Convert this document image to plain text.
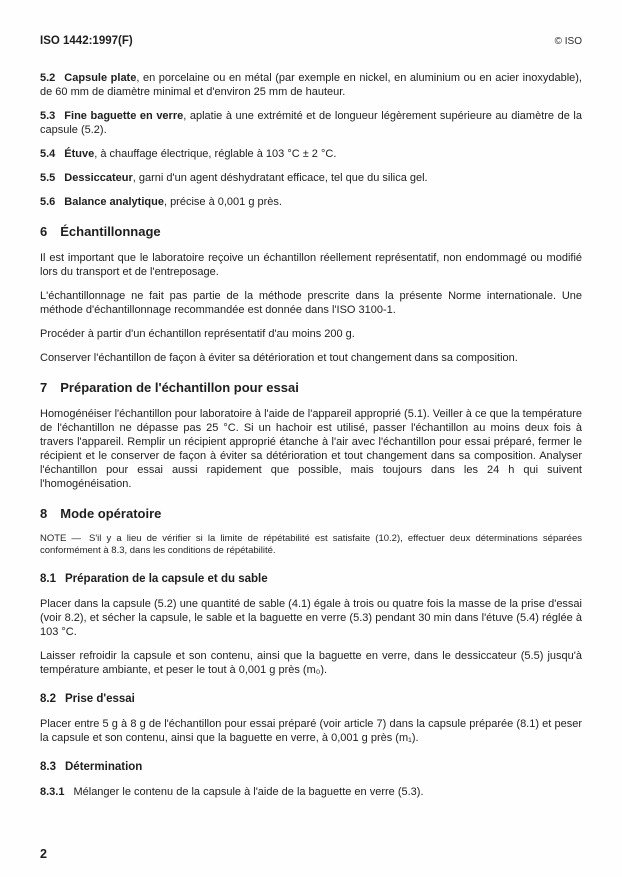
ISO 1442:1997(F)	© ISO

5.2 Capsule plate, en porcelaine ou en métal (par exemple en nickel, en aluminium ou en acier inoxydable), de 60 mm de diamètre minimal et d'environ 25 mm de hauteur.

5.3 Fine baguette en verre, aplatie à une extrémité et de longueur légèrement supérieure au diamètre de la capsule (5.2).

5.4 Étuve, à chauffage électrique, réglable à 103 °C ± 2 °C.

5.5 Dessiccateur, garni d'un agent déshydratant efficace, tel que du silica gel.

5.6 Balance analytique, précise à 0,001 g près.

6 Échantillonnage

Il est important que le laboratoire reçoive un échantillon réellement représentatif, non endommagé ou modifié lors du transport et de l'entreposage.

L'échantillonnage ne fait pas partie de la méthode prescrite dans la présente Norme internationale. Une méthode d'échantillonnage recommandée est donnée dans l'ISO 3100-1.

Procéder à partir d'un échantillon représentatif d'au moins 200 g.

Conserver l'échantillon de façon à éviter sa détérioration et tout changement dans sa composition.

7 Préparation de l'échantillon pour essai

Homogénéiser l'échantillon pour laboratoire à l'aide de l'appareil approprié (5.1). Veiller à ce que la température de l'échantillon ne dépasse pas 25 °C. Si un hachoir est utilisé, passer l'échantillon au moins deux fois à travers l'appareil. Remplir un récipient approprié étanche à l'air avec l'échantillon pour essai préparé, fermer le récipient et le conserver de façon à éviter sa détérioration et tout changement dans sa composition. Analyser l'échantillon pour essai aussi rapidement que possible, mais toujours dans les 24 h qui suivent l'homogénéisation.

8 Mode opératoire

NOTE — S'il y a lieu de vérifier si la limite de répétabilité est satisfaite (10.2), effectuer deux déterminations séparées conformément à 8.3, dans les conditions de répétabilité.

8.1 Préparation de la capsule et du sable

Placer dans la capsule (5.2) une quantité de sable (4.1) égale à trois ou quatre fois la masse de la prise d'essai (voir 8.2), et sécher la capsule, le sable et la baguette en verre (5.3) pendant 30 min dans l'étuve (5.4) réglée à 103 °C.

Laisser refroidir la capsule et son contenu, ainsi que la baguette en verre, dans le dessiccateur (5.5) jusqu'à température ambiante, et peser le tout à 0,001 g près (m₀).

8.2 Prise d'essai

Placer entre 5 g à 8 g de l'échantillon pour essai préparé (voir article 7) dans la capsule préparée (8.1) et peser la capsule et son contenu, ainsi que la baguette en verre, à 0,001 g près (m₁).

8.3 Détermination

8.3.1 Mélanger le contenu de la capsule à l'aide de la baguette en verre (5.3).

2
